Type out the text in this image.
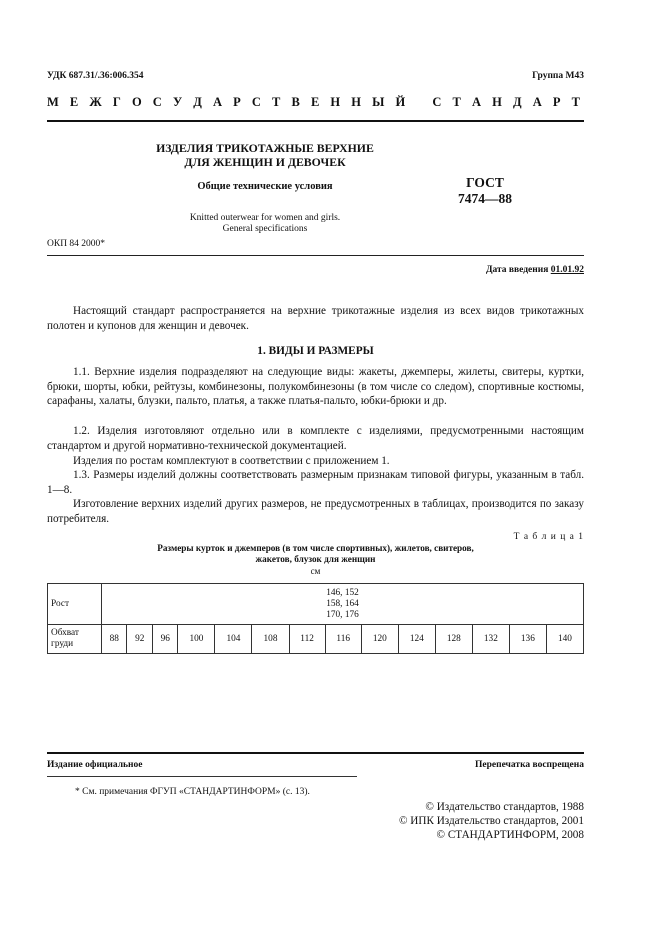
УДК 687.31/.36:006.354	Группа М43
М Е Ж Г О С У Д А Р С Т В Е Н Н Ы Й С Т А Н Д А Р Т
ИЗДЕЛИЯ ТРИКОТАЖНЫЕ ВЕРХНИЕ
ДЛЯ ЖЕНЩИН И ДЕВОЧЕК
Общие технические условия
Knitted outerwear for women and girls.
General specifications
ГОСТ
7474—88
ОКП 84 2000*
Дата введения 01.01.92
Настоящий стандарт распространяется на верхние трикотажные изделия из всех видов трикотажных полотен и купонов для женщин и девочек.
1. ВИДЫ И РАЗМЕРЫ
1.1. Верхние изделия подразделяют на следующие виды: жакеты, джемперы, жилеты, свитеры, куртки, брюки, шорты, юбки, рейтузы, комбинезоны, полукомбинезоны (в том числе со следом), спортивные костюмы, сарафаны, халаты, блузки, пальто, платья, а также платья-пальто, юбки-брюки и др.
1.2. Изделия изготовляют отдельно или в комплекте с изделиями, предусмотренными настоящим стандартом и другой нормативно-технической документацией.
Изделия по ростам комплектуют в соответствии с приложением 1.
1.3. Размеры изделий должны соответствовать размерным признакам типовой фигуры, указанным в табл. 1—8.
Изготовление верхних изделий других размеров, не предусмотренных в таблицах, производится по заказу потребителя.
Т а б л и ц а 1
Размеры курток и джемперов (в том числе спортивных), жилетов, свитеров,
жакетов, блузок для женщин
см
Рост	146, 152
158, 164
170, 176													

Обхват
груди	88	92	96	100	104	108	112	116	120	124	128	132	136	140
Издание официальное	Перепечатка воспрещена
* См. примечания ФГУП «СТАНДАРТИНФОРМ» (с. 13).
© Издательство стандартов, 1988
© ИПК Издательство стандартов, 2001
© СТАНДАРТИНФОРМ, 2008
